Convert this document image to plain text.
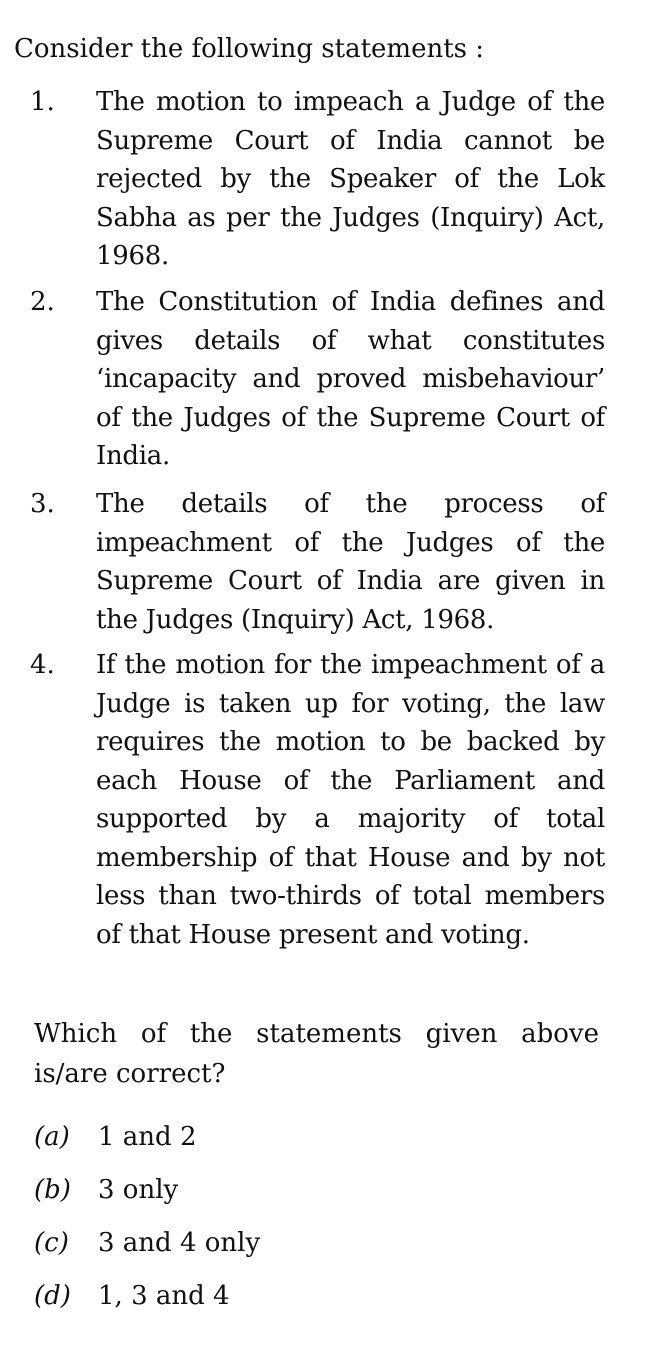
Consider the following statements :
1.	The motion to impeach a Judge of the Supreme Court of India cannot be rejected by the Speaker of the Lok Sabha as per the Judges (Inquiry) Act, 1968.
2.	The Constitution of India defines and gives details of what constitutes ‘incapacity and proved misbehaviour’ of the Judges of the Supreme Court of India.
3.	The details of the process of impeachment of the Judges of the Supreme Court of India are given in the Judges (Inquiry) Act, 1968.
4.	If the motion for the impeachment of a Judge is taken up for voting, the law requires the motion to be backed by each House of the Parliament and supported by a majority of total membership of that House and by not less than two-thirds of total members of that House present and voting.
Which of the statements given above is/are correct?
(a) 1 and 2
(b) 3 only
(c) 3 and 4 only
(d) 1, 3 and 4
